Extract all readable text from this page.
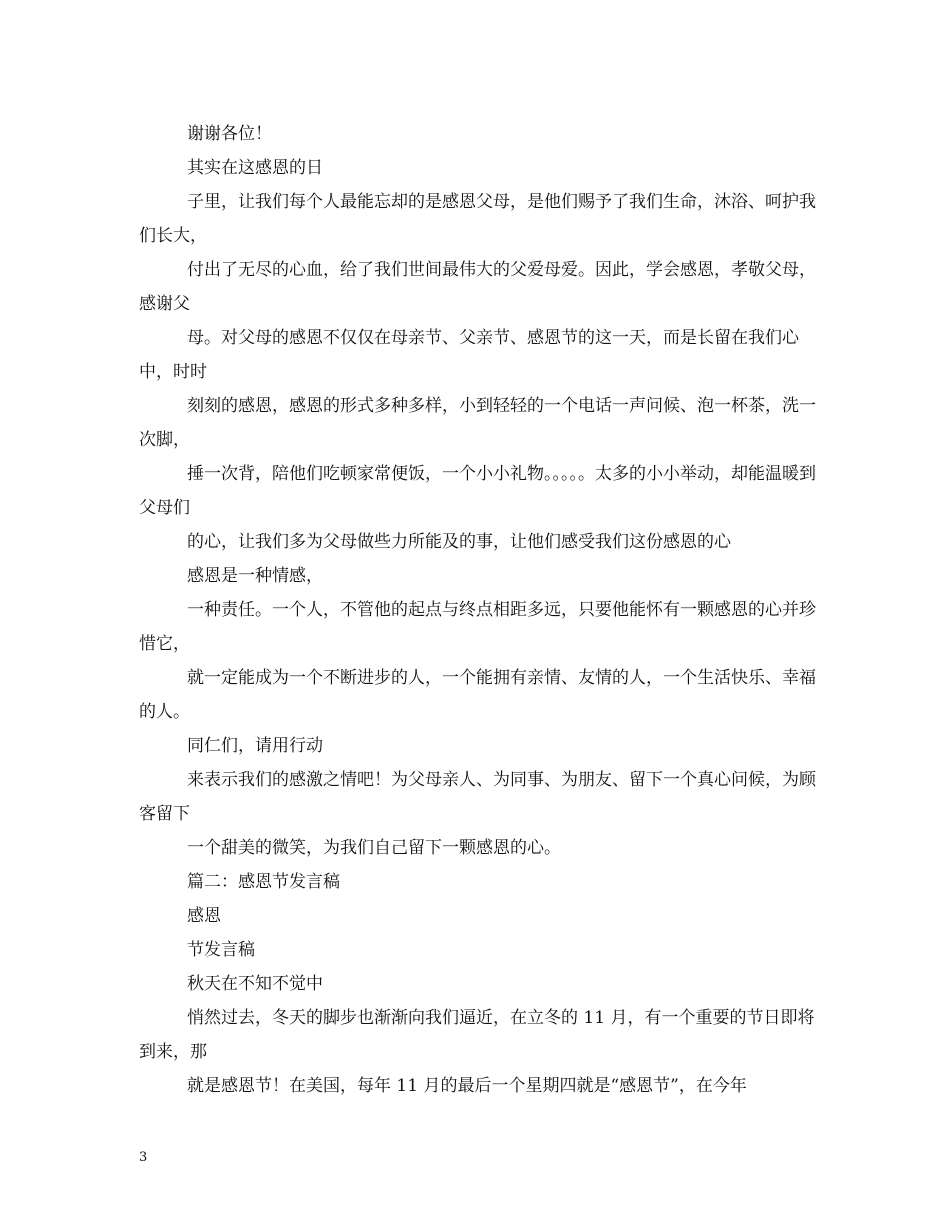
谢谢各位！

其实在这感恩的日

子里，让我们每个人最能忘却的是感恩父母，是他们赐予了我们生命，沐浴、呵护我们长大，

付出了无尽的心血，给了我们世间最伟大的父爱母爱。因此，学会感恩，孝敬父母，感谢父

母。对父母的感恩不仅仅在母亲节、父亲节、感恩节的这一天，而是长留在我们心中，时时

刻刻的感恩，感恩的形式多种多样，小到轻轻的一个电话一声问候、泡一杯茶，洗一次脚，

捶一次背，陪他们吃顿家常便饭，一个小小礼物。。。。。太多的小小举动，却能温暖到父母们

的心，让我们多为父母做些力所能及的事，让他们感受我们这份感恩的心

感恩是一种情感，

一种责任。一个人，不管他的起点与终点相距多远，只要他能怀有一颗感恩的心并珍惜它，

就一定能成为一个不断进步的人，一个能拥有亲情、友情的人，一个生活快乐、幸福的人。

同仁们，请用行动

来表示我们的感激之情吧！为父母亲人、为同事、为朋友、留下一个真心问候，为顾客留下

一个甜美的微笑，为我们自己留下一颗感恩的心。

篇二：感恩节发言稿

感恩

节发言稿

秋天在不知不觉中

悄然过去，冬天的脚步也渐渐向我们逼近，在立冬的 11 月，有一个重要的节日即将到来，那

就是感恩节！在美国，每年 11 月的最后一个星期四就是“感恩节”，在今年

3
